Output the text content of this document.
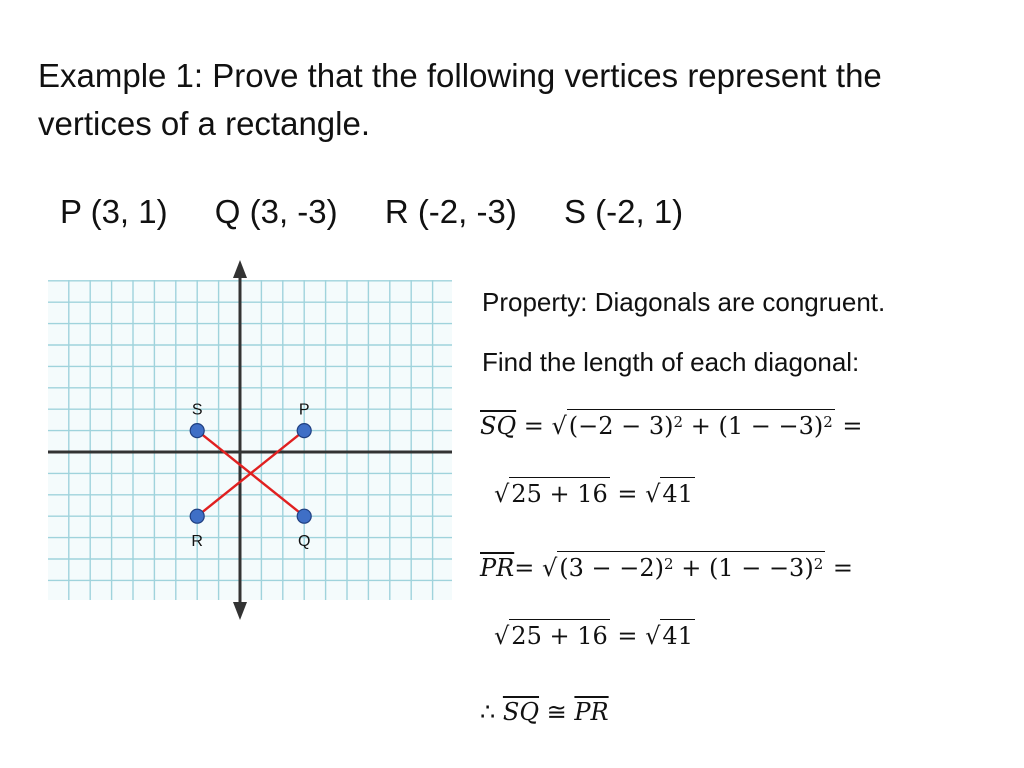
Example 1: Prove that the following vertices represent the vertices of a rectangle.
P (3, 1) Q (3, -3) R (-2, -3) S (-2, 1)
P
Q
R
S
Property: Diagonals are congruent.
Find the length of each diagonal:
$\overline{SQ} = √(-2 - 3)^2 + (1 - -3)^2$ =
√25 + 16 = √41
$\overline{PR}= √(3 - -2)^2 + (1 - -3)^2$ =
√25 + 16 = √41
∴ $\overline{SQ}$ ≅ $\overline{PR}$
